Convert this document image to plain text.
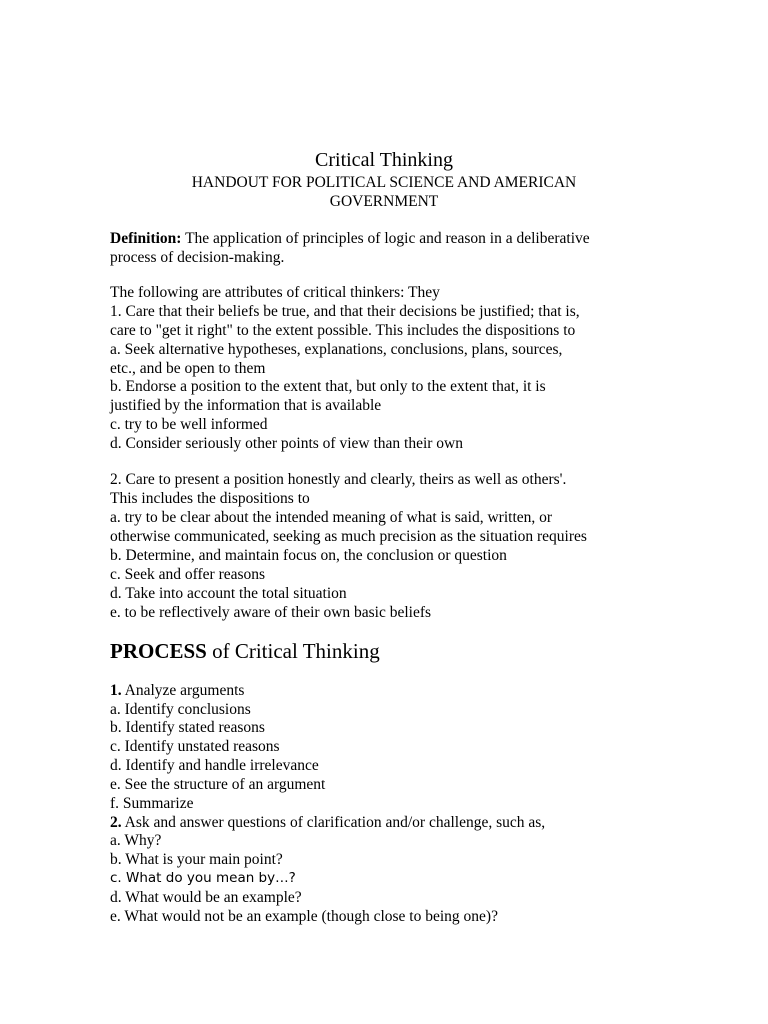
Critical Thinking
HANDOUT FOR POLITICAL SCIENCE AND AMERICAN
GOVERNMENT
Definition: The application of principles of logic and reason in a deliberative
process of decision-making.
The following are attributes of critical thinkers: They
1. Care that their beliefs be true, and that their decisions be justified; that is,
care to "get it right" to the extent possible. This includes the dispositions to
a. Seek alternative hypotheses, explanations, conclusions, plans, sources,
etc., and be open to them
b. Endorse a position to the extent that, but only to the extent that, it is
justified by the information that is available
c. try to be well informed
d. Consider seriously other points of view than their own
2. Care to present a position honestly and clearly, theirs as well as others'.
This includes the dispositions to
a. try to be clear about the intended meaning of what is said, written, or
otherwise communicated, seeking as much precision as the situation requires
b. Determine, and maintain focus on, the conclusion or question
c. Seek and offer reasons
d. Take into account the total situation
e. to be reflectively aware of their own basic beliefs
PROCESS of Critical Thinking
1. Analyze arguments
a. Identify conclusions
b. Identify stated reasons
c. Identify unstated reasons
d. Identify and handle irrelevance
e. See the structure of an argument
f. Summarize
2. Ask and answer questions of clarification and/or challenge, such as,
a. Why?
b. What is your main point?
c. What do you mean by…?
d. What would be an example?
e. What would not be an example (though close to being one)?
